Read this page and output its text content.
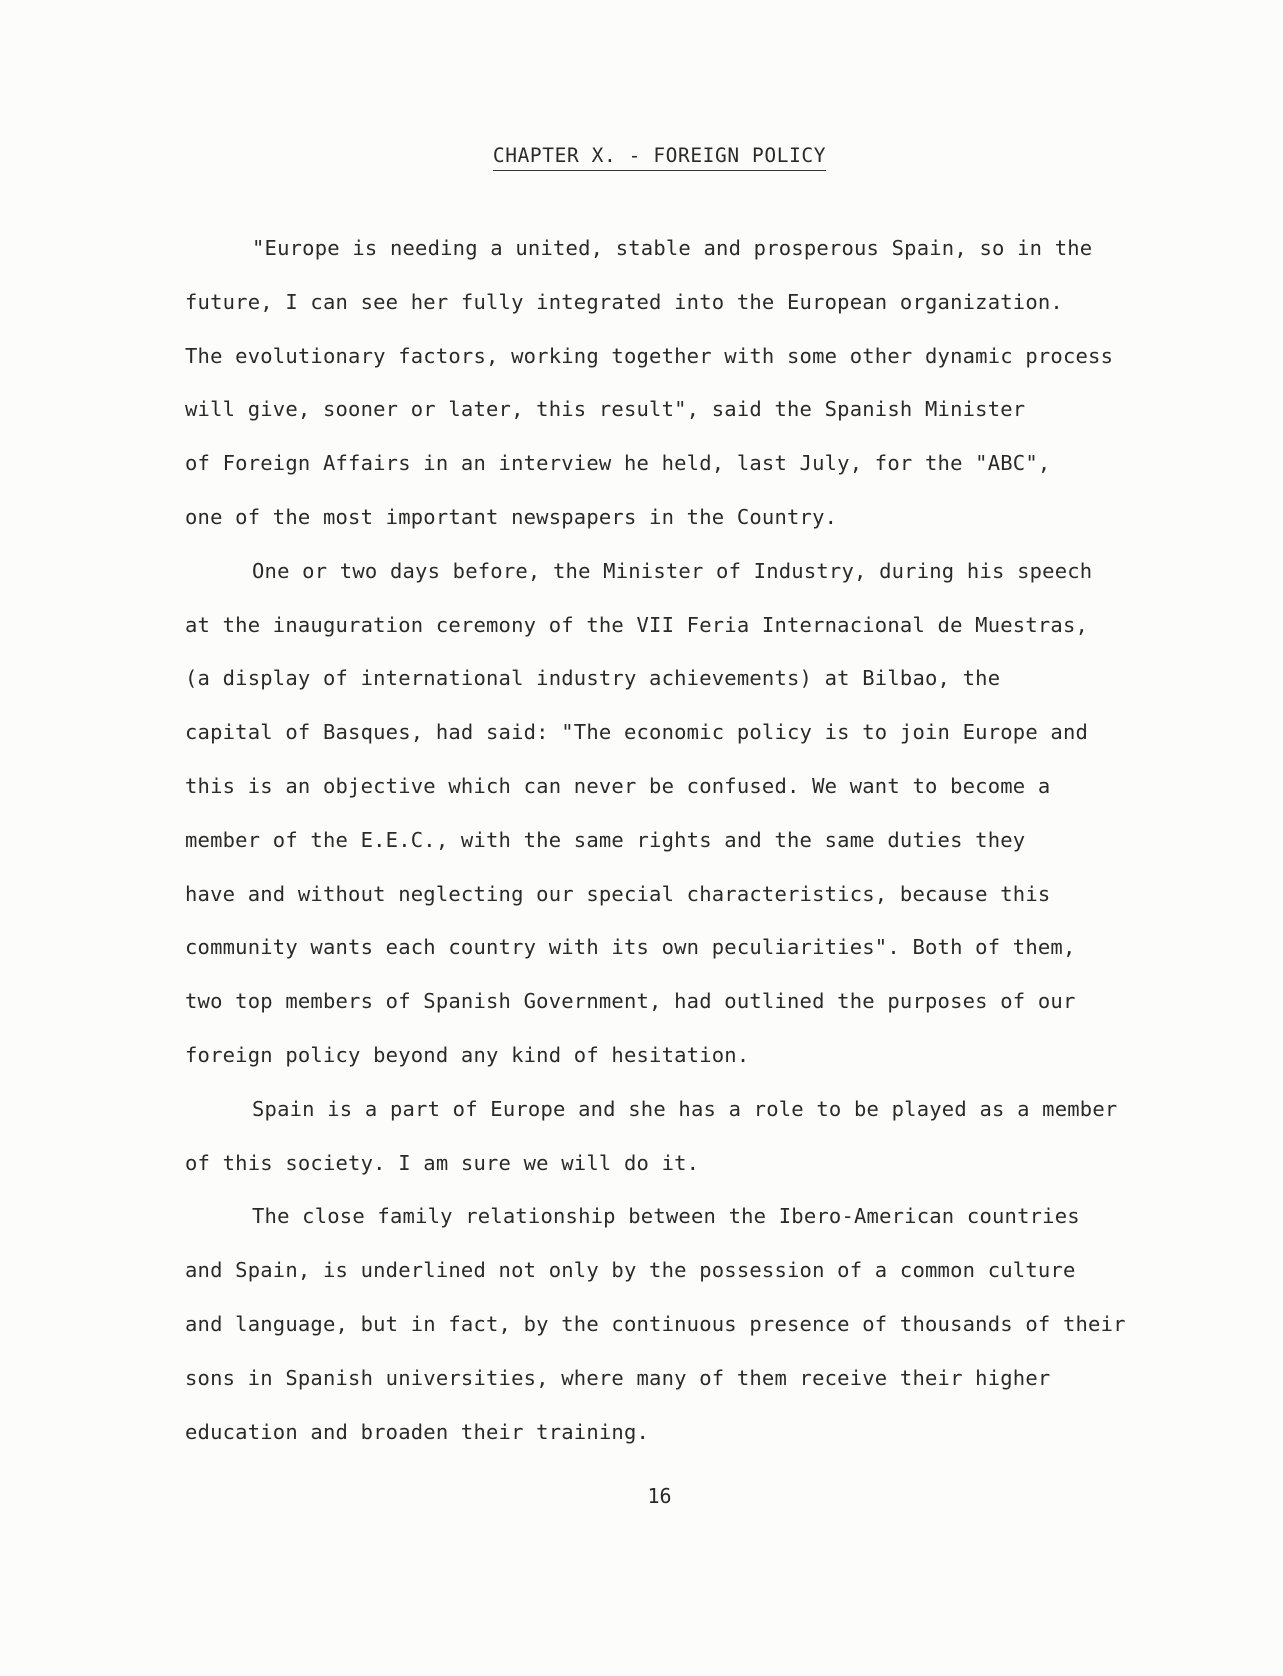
CHAPTER X. - FOREIGN POLICY
"Europe is needing a united, stable and prosperous Spain, so in the
future, I can see her fully integrated into the European organization.
The evolutionary factors, working together with some other dynamic process
will give, sooner or later, this result", said the Spanish Minister
of Foreign Affairs in an interview he held, last July, for the "ABC",
one of the most important newspapers in the Country.
One or two days before, the Minister of Industry, during his speech
at the inauguration ceremony of the VII Feria Internacional de Muestras,
(a display of international industry achievements) at Bilbao, the
capital of Basques, had said: "The economic policy is to join Europe and
this is an objective which can never be confused. We want to become a
member of the E.E.C., with the same rights and the same duties they
have and without neglecting our special characteristics, because this
community wants each country with its own peculiarities". Both of them,
two top members of Spanish Government, had outlined the purposes of our
foreign policy beyond any kind of hesitation.
Spain is a part of Europe and she has a role to be played as a member
of this society. I am sure we will do it.
The close family relationship between the Ibero-American countries
and Spain, is underlined not only by the possession of a common culture
and language, but in fact, by the continuous presence of thousands of their
sons in Spanish universities, where many of them receive their higher
education and broaden their training.
16
